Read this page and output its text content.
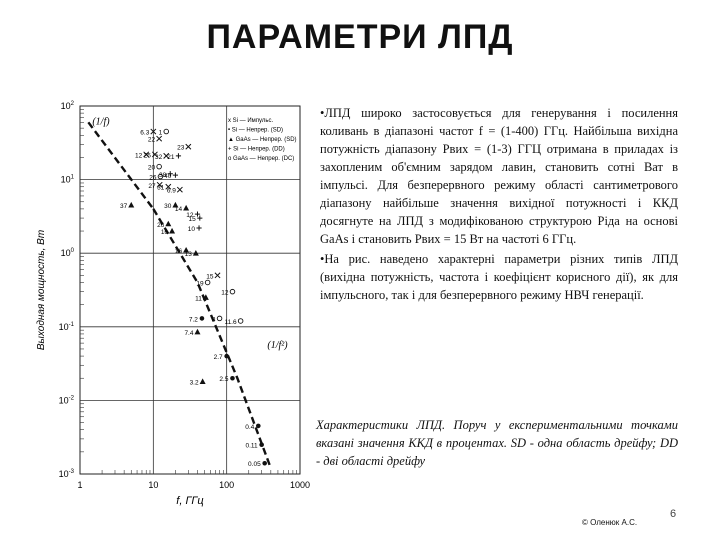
ПАРАМЕТРИ ЛПД
(1/f)
(1/f²)
6.3 1
22
12 25 32 21
23
20
26 38
40
27 31 6.9
37	30 14
26
16
12
15
10
16 13
19
15
12
11
7.2
7.4
8 11.6
2.7
2.5
3.2
0.4
0.11
0.05
1	10	100	1000
$10^2$
$10^1$
$10^0$
$10^{-1}$
$10^{-2}$
$10^{-3}$
x Si — Импульс.
• Si — Непрер. (SD)
▲ GaAs — Непрер. (SD)
+ Si — Непрер. (DD)
o GaAs — Непрер. (DC)
f, ГГц
Выходная мощность, Вт

•ЛПД широко застосовується для генерування і посилення коливань в діапазоні частот f = (1-400) ГГц. Найбільша вихідна потужність діапазону Pвих = (1-3) ГГЦ отримана в приладах із захопленим об'ємним зарядом лавин, становить сотні Ват в імпульсі. Для безперервного режиму області сантиметрового діапазону найбільше значення вихідної потужності і ККД досягнуте на ЛПД з модифікованою структурою Ріда на основі GaAs і становить Pвих = 15 Вт на частоті 6 ГГц.

•На рис. наведено характерні параметри різних типів ЛПД (вихідна потужність, частота і коефіцієнт корисного дії), як для імпульсного, так і для безперервного режиму НВЧ генерації.

Характеристики ЛПД. Поруч у експериментальними точками вказані значення ККД в процентах. SD - одна область дрейфу; DD - дві області дрейфу
© Оленюк А.С.
6
